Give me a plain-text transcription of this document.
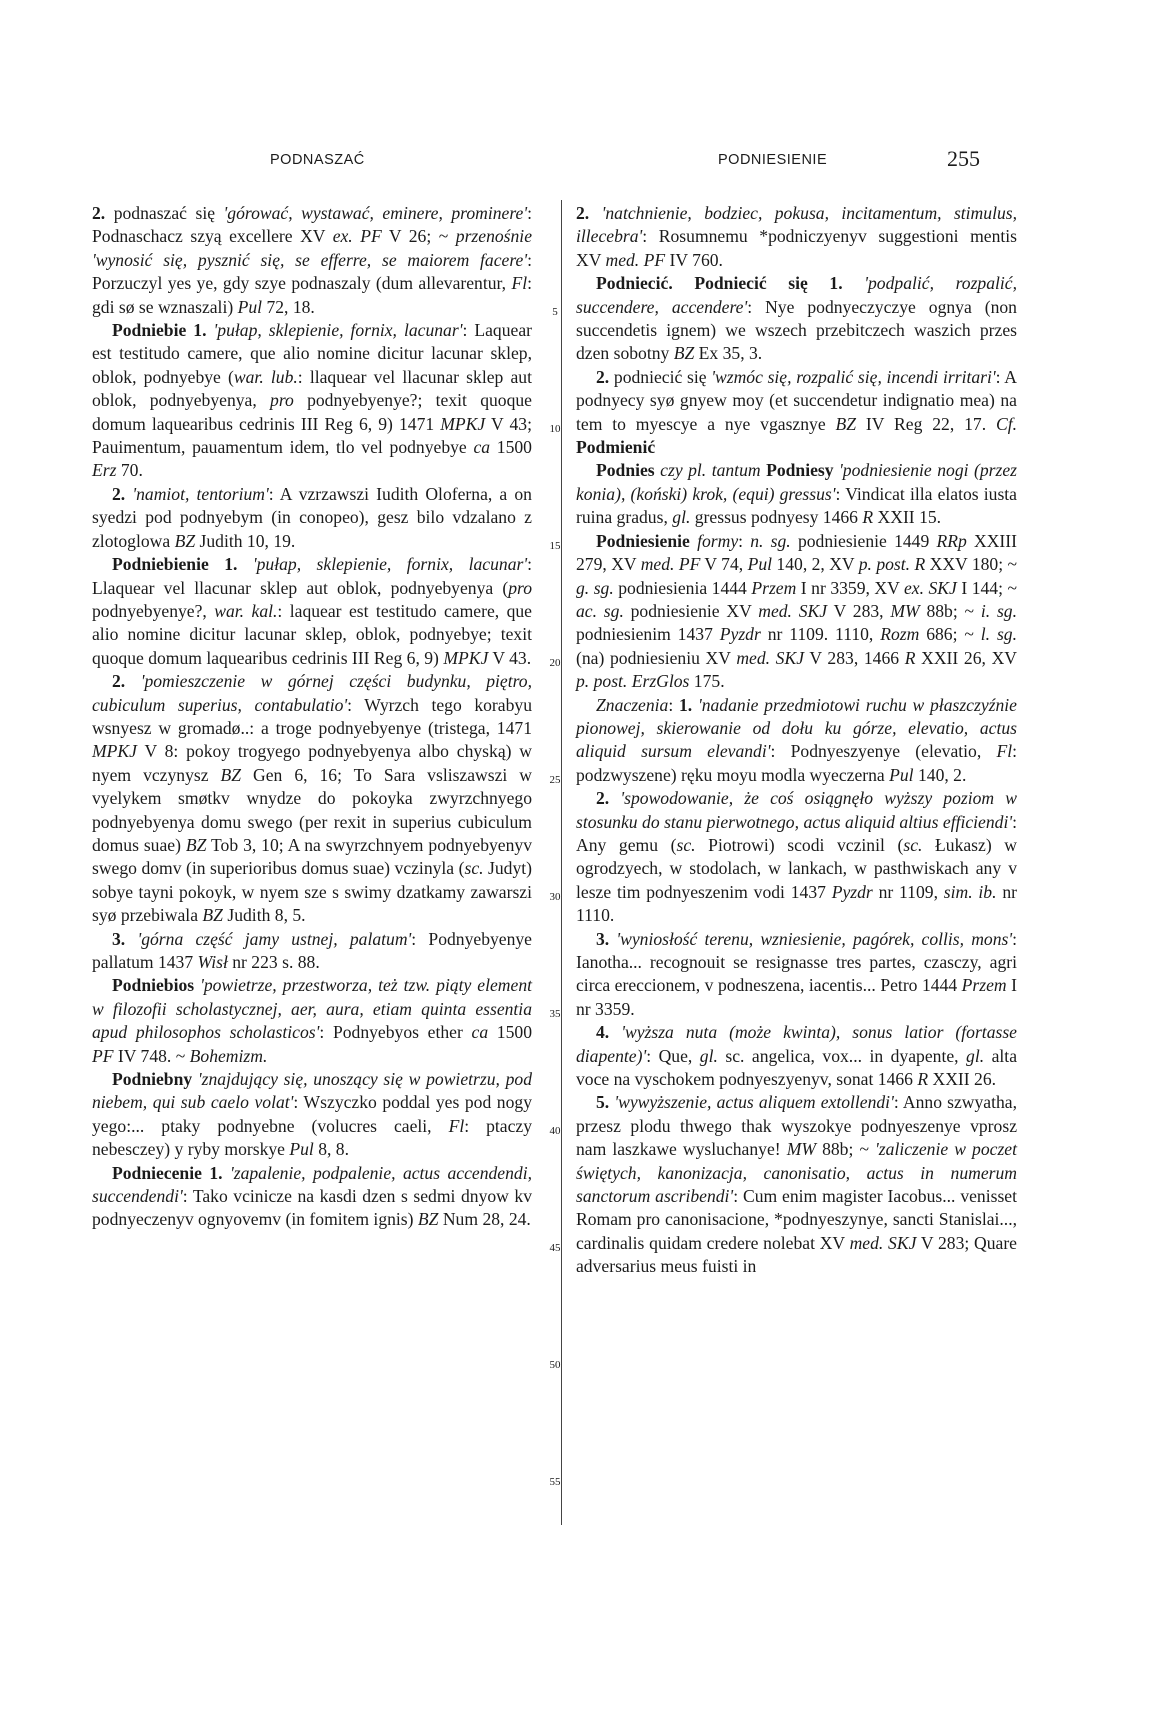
PODNASZAĆ	PODNIESIENIE	255

2. podnaszać się 'górować, wystawać, eminere, prominere': Podnaschacz szyą excellere XV ex. PF V 26; ~ przenośnie 'wynosić się, pysznić się, se efferre, se maiorem facere': Porzuczyl yes ye, gdy szye podnaszaly (dum allevarentur, Fl: gdi sø se wznaszali) Pul 72, 18.

Podniebie 1. 'pułap, sklepienie, fornix, lacunar': Laquear est testitudo camere, que alio nomine dicitur lacunar sklep, oblok, podnyebye (war. lub.: llaquear vel llacunar sklep aut oblok, podnyebyenya, pro podnyebyenye?; texit quoque domum laquearibus cedrinis III Reg 6, 9) 1471 MPKJ V 43; Pauimentum, pauamentum idem, tlo vel podnyebye ca 1500 Erz 70.

2. 'namiot, tentorium': A vzrzawszi Iudith Oloferna, a on syedzi pod podnyebym (in conopeo), gesz bilo vdzalano z zlotoglowa BZ Judith 10, 19.

Podniebienie 1. 'pułap, sklepienie, fornix, lacunar': Llaquear vel llacunar sklep aut oblok, podnyebyenya (pro podnyebyenye?, war. kal.: laquear est testitudo camere, que alio nomine dicitur lacunar sklep, oblok, podnyebye; texit quoque domum laquearibus cedrinis III Reg 6, 9) MPKJ V 43.

2. 'pomieszczenie w górnej części budynku, piętro, cubiculum superius, contabulatio': Wyrzch tego korabyu wsnyesz w gromadø..: a troge podnyebyenye (tristega, 1471 MPKJ V 8: pokoy trogyego podnyebyenya albo chyską) w nyem vczynysz BZ Gen 6, 16; To Sara vsliszawszi w vyelykem smøtkv wnydze do pokoyka zwyrzchnyego podnyebyenya domu swego (per rexit in superius cubiculum domus suae) BZ Tob 3, 10; A na swyrzchnyem podnyebyenyv swego domv (in superioribus domus suae) vczinyla (sc. Judyt) sobye tayni pokoyk, w nyem sze s swimy dzatkamy zawarszi syø przebiwala BZ Judith 8, 5.

3. 'górna część jamy ustnej, palatum': Podnyebyenye pallatum 1437 Wisł nr 223 s. 88.

Podniebios 'powietrze, przestworza, też tzw. piąty element w filozofii scholastycznej, aer, aura, etiam quinta essentia apud philosophos scholasticos': Podnyebyos ether ca 1500 PF IV 748. ~ Bohemizm.

Podniebny 'znajdujący się, unoszący się w powietrzu, pod niebem, qui sub caelo volat': Wszyczko poddal yes pod nogy yego:... ptaky podnyebne (volucres caeli, Fl: ptaczy nebesczey) y ryby morskye Pul 8, 8.

Podniecenie 1. 'zapalenie, podpalenie, actus accendendi, succendendi': Tako vcinicze na kasdi dzen s sedmi dnyow kv podnyeczenyv ognyovemv (in fomitem ignis) BZ Num 28, 24.

5
10
15
20
25
30
35
40
45
50
55

2. 'natchnienie, bodziec, pokusa, incitamentum, stimulus, illecebra': Rosumnemu *podniczyenyv suggestioni mentis XV med. PF IV 760.

Podniecić. Podniecić się 1. 'podpalić, rozpalić, succendere, accendere': Nye podnyeczyczye ognya (non succendetis ignem) we wszech przebitczech waszich przes dzen sobotny BZ Ex 35, 3.

2. podniecić się 'wzmóc się, rozpalić się, incendi irritari': A podnyecy syø gnyew moy (et succendetur indignatio mea) na tem to myescye a nye vgasznye BZ IV Reg 22, 17. Cf. Podmienić

Podnies czy pl. tantum Podniesy 'podniesienie nogi (przez konia), (koński) krok, (equi) gressus': Vindicat illa elatos iusta ruina gradus, gl. gressus podnyesy 1466 R XXII 15.

Podniesienie formy: n. sg. podniesienie 1449 RRp XXIII 279, XV med. PF V 74, Pul 140, 2, XV p. post. R XXV 180; ~ g. sg. podniesienia 1444 Przem I nr 3359, XV ex. SKJ I 144; ~ ac. sg. podniesienie XV med. SKJ V 283, MW 88b; ~ i. sg. podniesienim 1437 Pyzdr nr 1109. 1110, Rozm 686; ~ l. sg. (na) podniesieniu XV med. SKJ V 283, 1466 R XXII 26, XV p. post. ErzGlos 175.

Znaczenia: 1. 'nadanie przedmiotowi ruchu w płaszczyźnie pionowej, skierowanie od dołu ku górze, elevatio, actus aliquid sursum elevandi': Podnyeszyenye (elevatio, Fl: podzwyszene) ręku moyu modla wyeczerna Pul 140, 2.

2. 'spowodowanie, że coś osiągnęło wyższy poziom w stosunku do stanu pierwotnego, actus aliquid altius efficiendi': Any gemu (sc. Piotrowi) scodi vczinil (sc. Łukasz) w ogrodzyech, w stodolach, w lankach, w pasthwiskach any v lesze tim podnyeszenim vodi 1437 Pyzdr nr 1109, sim. ib. nr 1110.

3. 'wyniosłość terenu, wzniesienie, pagórek, collis, mons': Ianotha... recognouit se resignasse tres partes, czasczy, agri circa ereccionem, v podneszena, iacentis... Petro 1444 Przem I nr 3359.

4. 'wyższa nuta (może kwinta), sonus latior (fortasse diapente)': Que, gl. sc. angelica, vox... in dyapente, gl. alta voce na vyschokem podnyeszyenyv, sonat 1466 R XXII 26.

5. 'wywyższenie, actus aliquem extollendi': Anno szwyatha, przesz plodu thwego thak wyszokye podnyeszenye vprosz nam laszkawe wysluchanye! MW 88b; ~ 'zaliczenie w poczet świętych, kanonizacja, canonisatio, actus in numerum sanctorum ascribendi': Cum enim magister Iacobus... venisset Romam pro canonisacione, *podnyeszynye, sancti Stanislai..., cardinalis quidam credere nolebat XV med. SKJ V 283; Quare adversarius meus fuisti in
